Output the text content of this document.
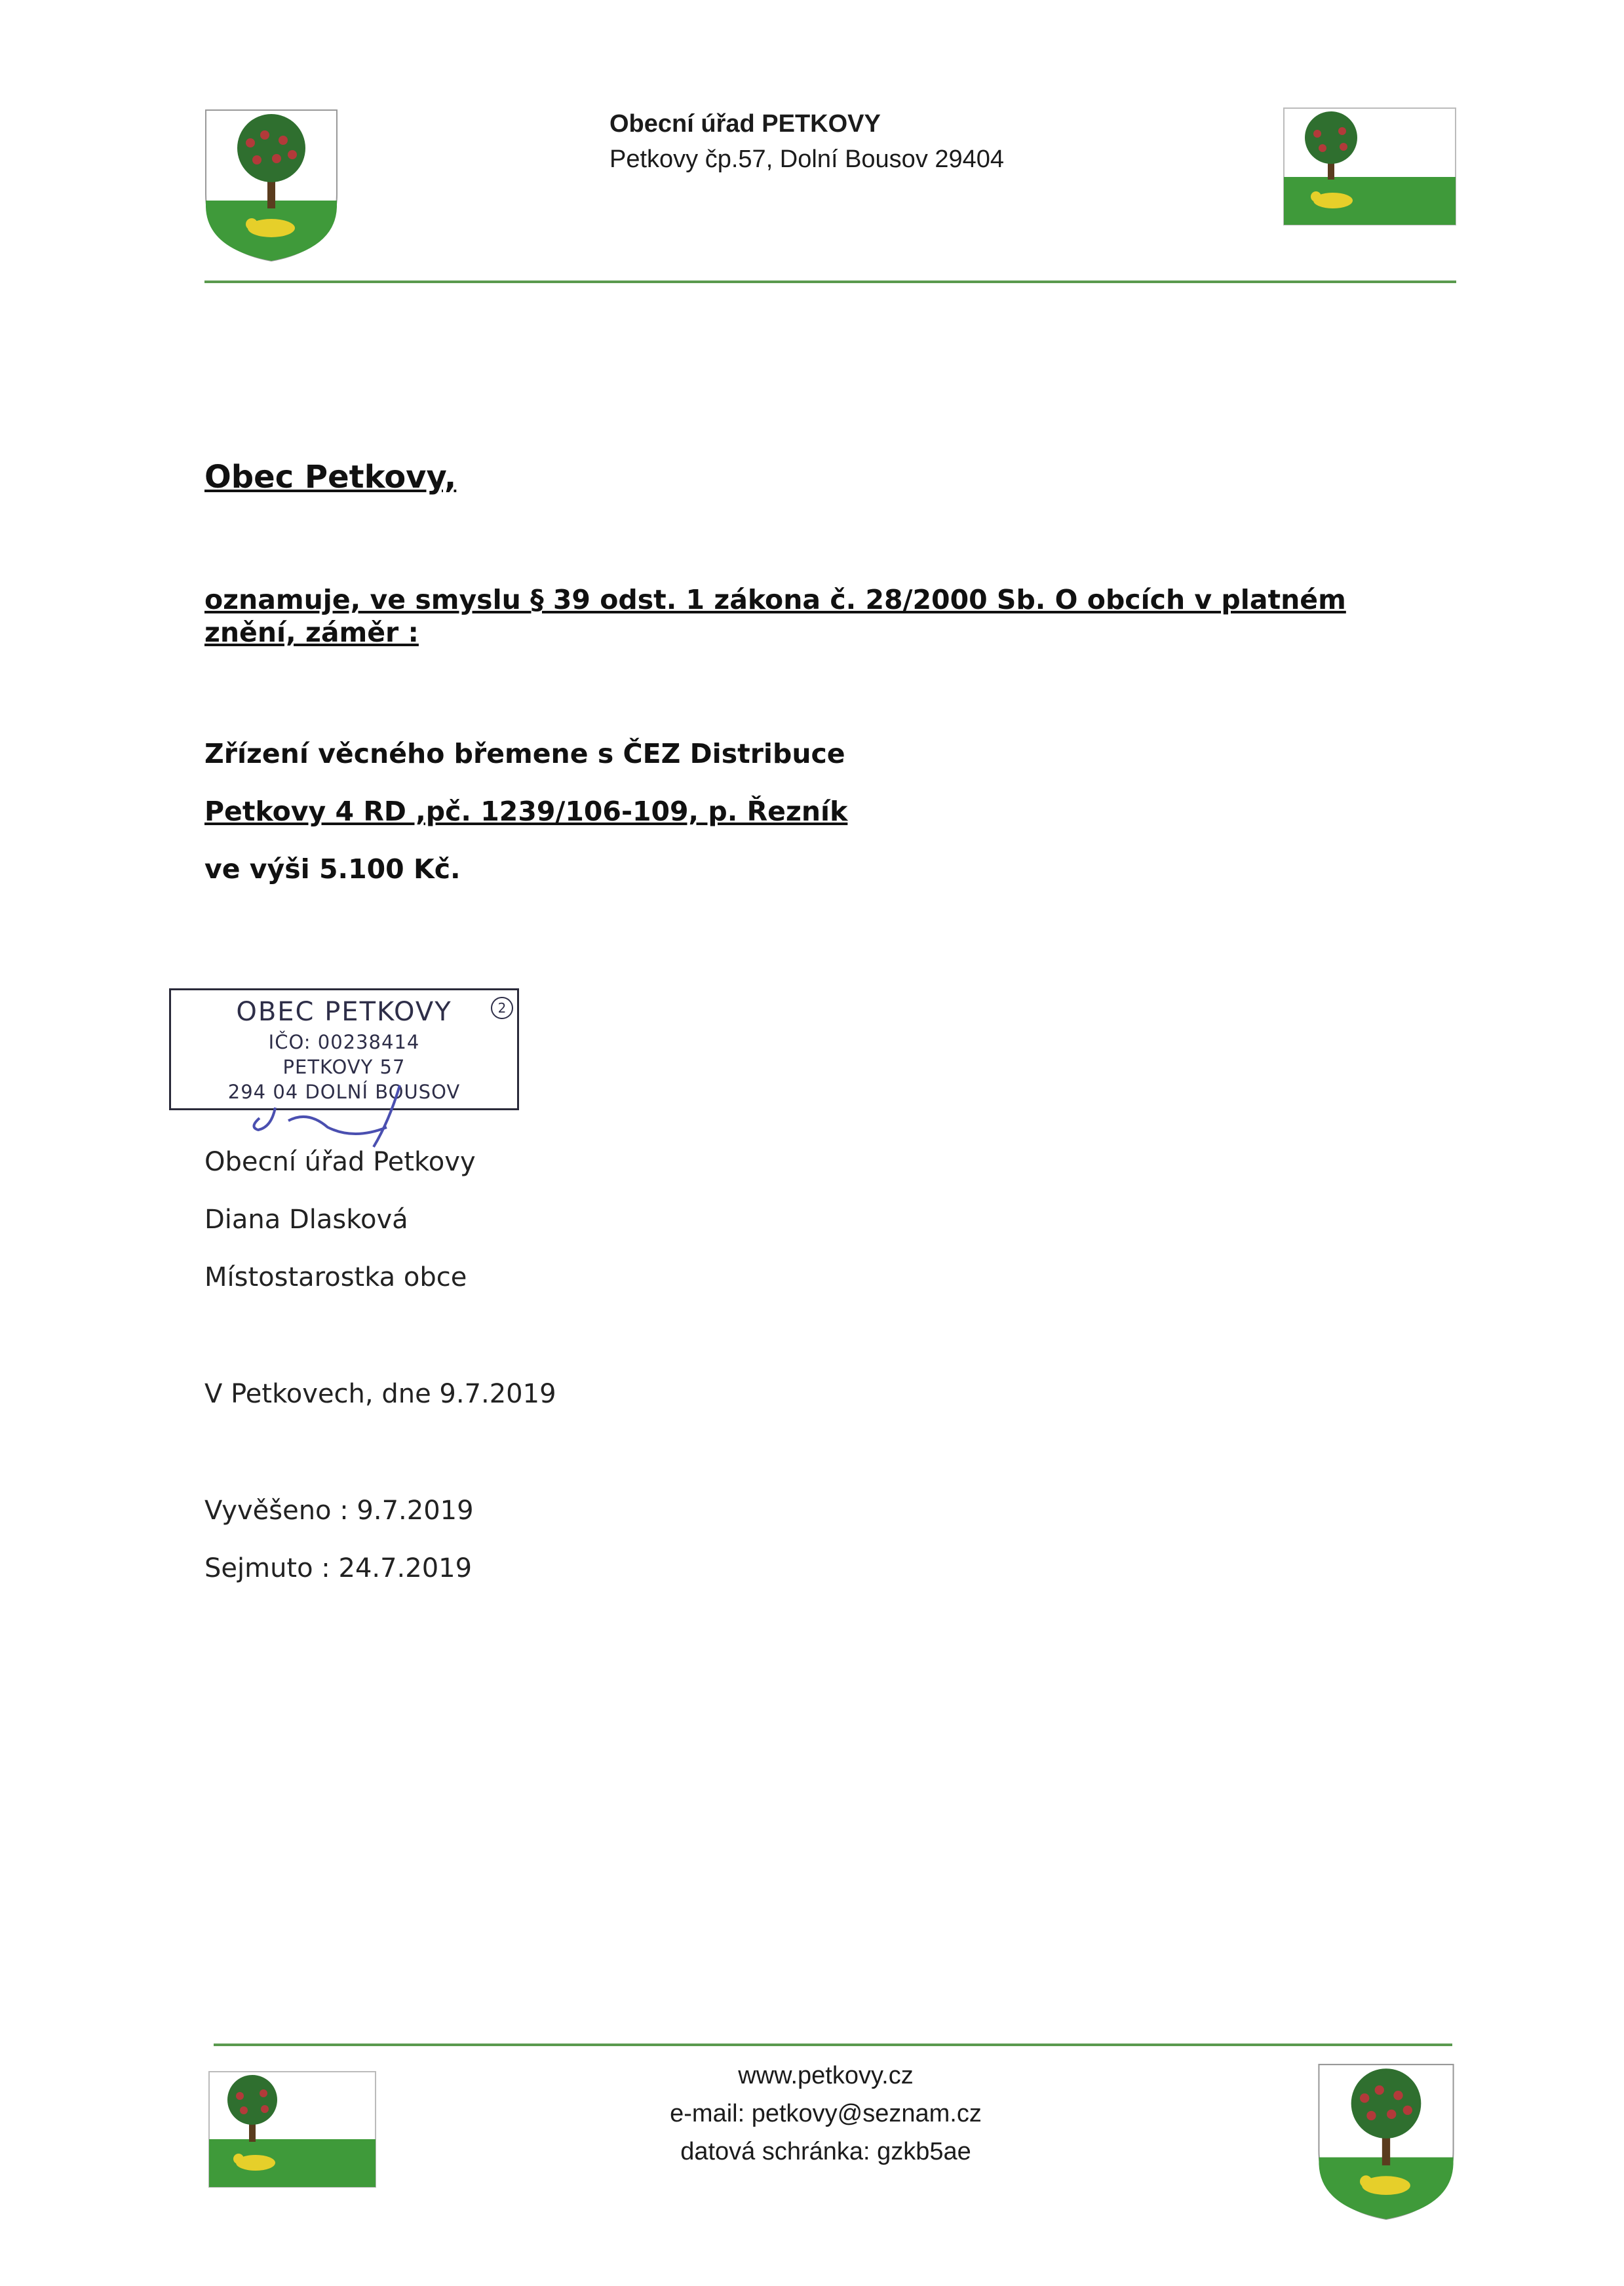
Obecní úřad PETKOVY
Petkovy čp.57, Dolní Bousov 29404
Obec Petkovy,
oznamuje, ve smyslu § 39 odst. 1 zákona č. 28/2000 Sb. O obcích v platném znění, záměr :
Zřízení věcného břemene s ČEZ Distribuce
Petkovy 4 RD ,pč. 1239/106-109, p. Řezník
ve výši 5.100 Kč.
OBEC PETKOVY	2
IČO: 00238414
PETKOVY 57
294 04 DOLNÍ BOUSOV
Obecní úřad Petkovy
Diana Dlasková
Místostarostka obce
V Petkovech, dne 9.7.2019
Vyvěšeno : 9.7.2019
Sejmuto : 24.7.2019
www.petkovy.cz
e-mail: petkovy@seznam.cz
datová schránka: gzkb5ae
